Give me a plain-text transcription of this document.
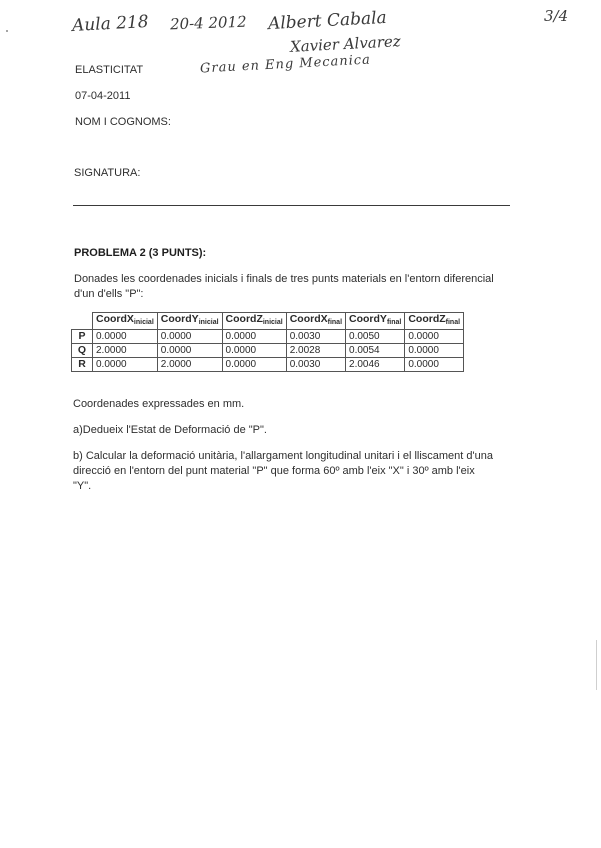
Aula 218 20-4 2012 Albert Cabala
Xavier Alvarez
Grau en Eng Mecanica
3/4
ELASTICITAT
07-04-2011
NOM I COGNOMS:
SIGNATURA:
PROBLEMA 2 (3 PUNTS):
Donades les coordenades inicials i finals de tres punts materials en l'entorn diferencial
d'un d'ells "P":
	CoordX$_{inicial}$	CoordY$_{inicial}$	CoordZ$_{inicial}$	CoordX$_{final}$	CoordY$_{final}$	CoordZ$_{final}$
P	0.0000	0.0000	0.0000	0.0030	0.0050	0.0000
Q	2.0000	0.0000	0.0000	2.0028	0.0054	0.0000
R	0.0000	2.0000	0.0000	0.0030	2.0046	0.0000
Coordenades expressades en mm.
a)Dedueix l'Estat de Deformació de "P".
b) Calcular la deformació unitària, l'allargament longitudinal unitari i el lliscament d'una
direcció en l'entorn del punt material "P" que forma 60º amb l'eix "X" i 30º amb l'eix
"Y".
